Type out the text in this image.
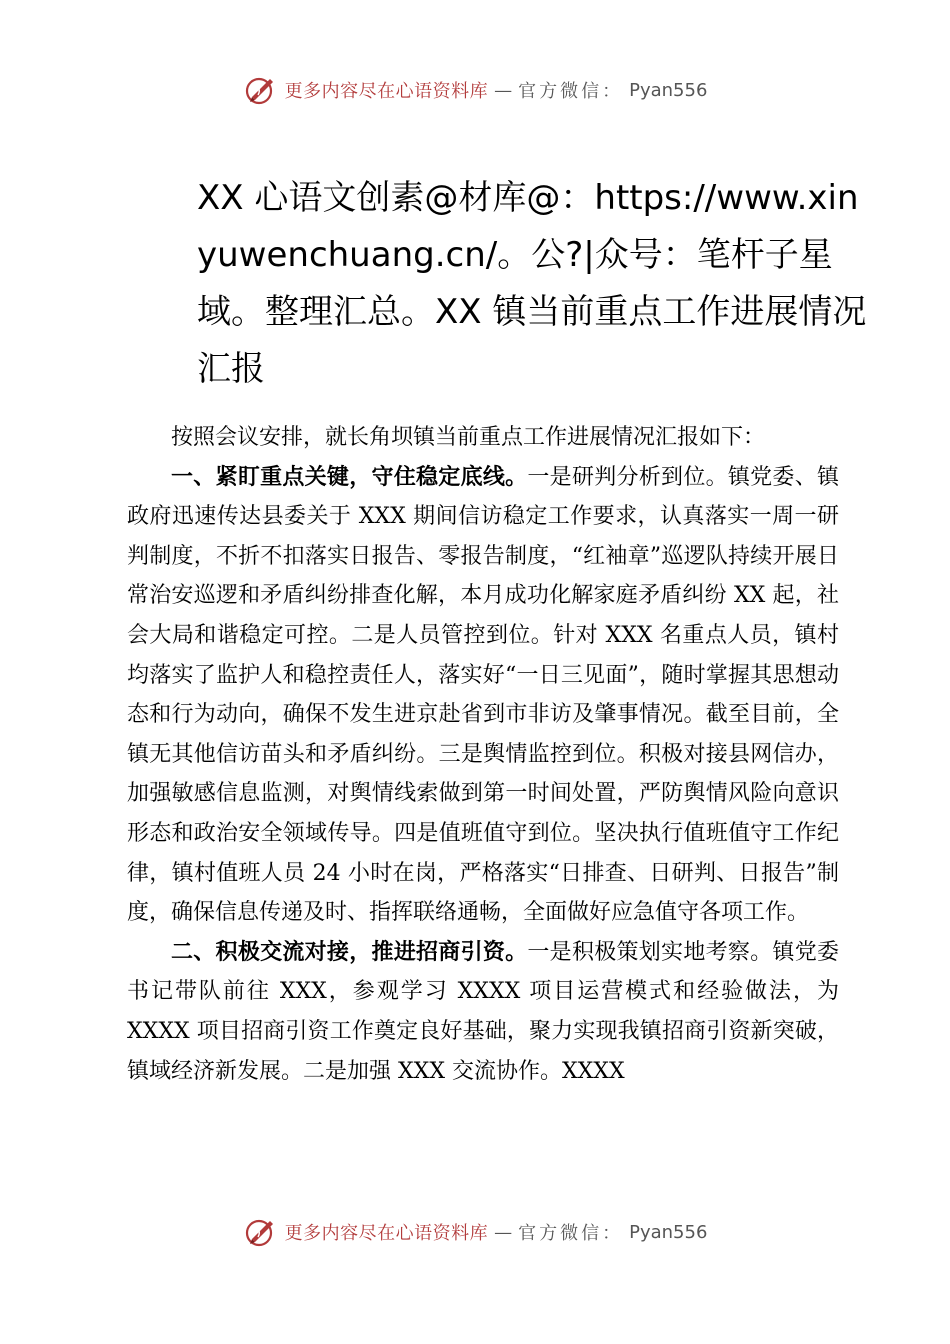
更多内容尽在心语资料库 — 官方微信： Pyan556
XX 心语文创素@材库@：https://www.xinyuwenchuang.cn/。公?|众号：笔杆子星域。整理汇总。XX 镇当前重点工作进展情况汇报

按照会议安排，就长角坝镇当前重点工作进展情况汇报如下：

一、紧盯重点关键，守住稳定底线。一是研判分析到位。镇党委、镇政府迅速传达县委关于 XXX 期间信访稳定工作要求，认真落实一周一研判制度，不折不扣落实日报告、零报告制度，“红袖章”巡逻队持续开展日常治安巡逻和矛盾纠纷排查化解，本月成功化解家庭矛盾纠纷 XX 起，社会大局和谐稳定可控。二是人员管控到位。针对 XXX 名重点人员，镇村均落实了监护人和稳控责任人，落实好“一日三见面”，随时掌握其思想动态和行为动向，确保不发生进京赴省到市非访及肇事情况。截至目前，全镇无其他信访苗头和矛盾纠纷。三是舆情监控到位。积极对接县网信办，加强敏感信息监测，对舆情线索做到第一时间处置，严防舆情风险向意识形态和政治安全领域传导。四是值班值守到位。坚决执行值班值守工作纪律，镇村值班人员 24 小时在岗，严格落实“日排查、日研判、日报告”制度，确保信息传递及时、指挥联络通畅，全面做好应急值守各项工作。

二、积极交流对接，推进招商引资。一是积极策划实地考察。镇党委书记带队前往 XXX，参观学习 XXXX 项目运营模式和经验做法，为 XXXX 项目招商引资工作奠定良好基础，聚力实现我镇招商引资新突破，镇域经济新发展。二是加强 XXX 交流协作。XXXX

更多内容尽在心语资料库 — 官方微信： Pyan556
